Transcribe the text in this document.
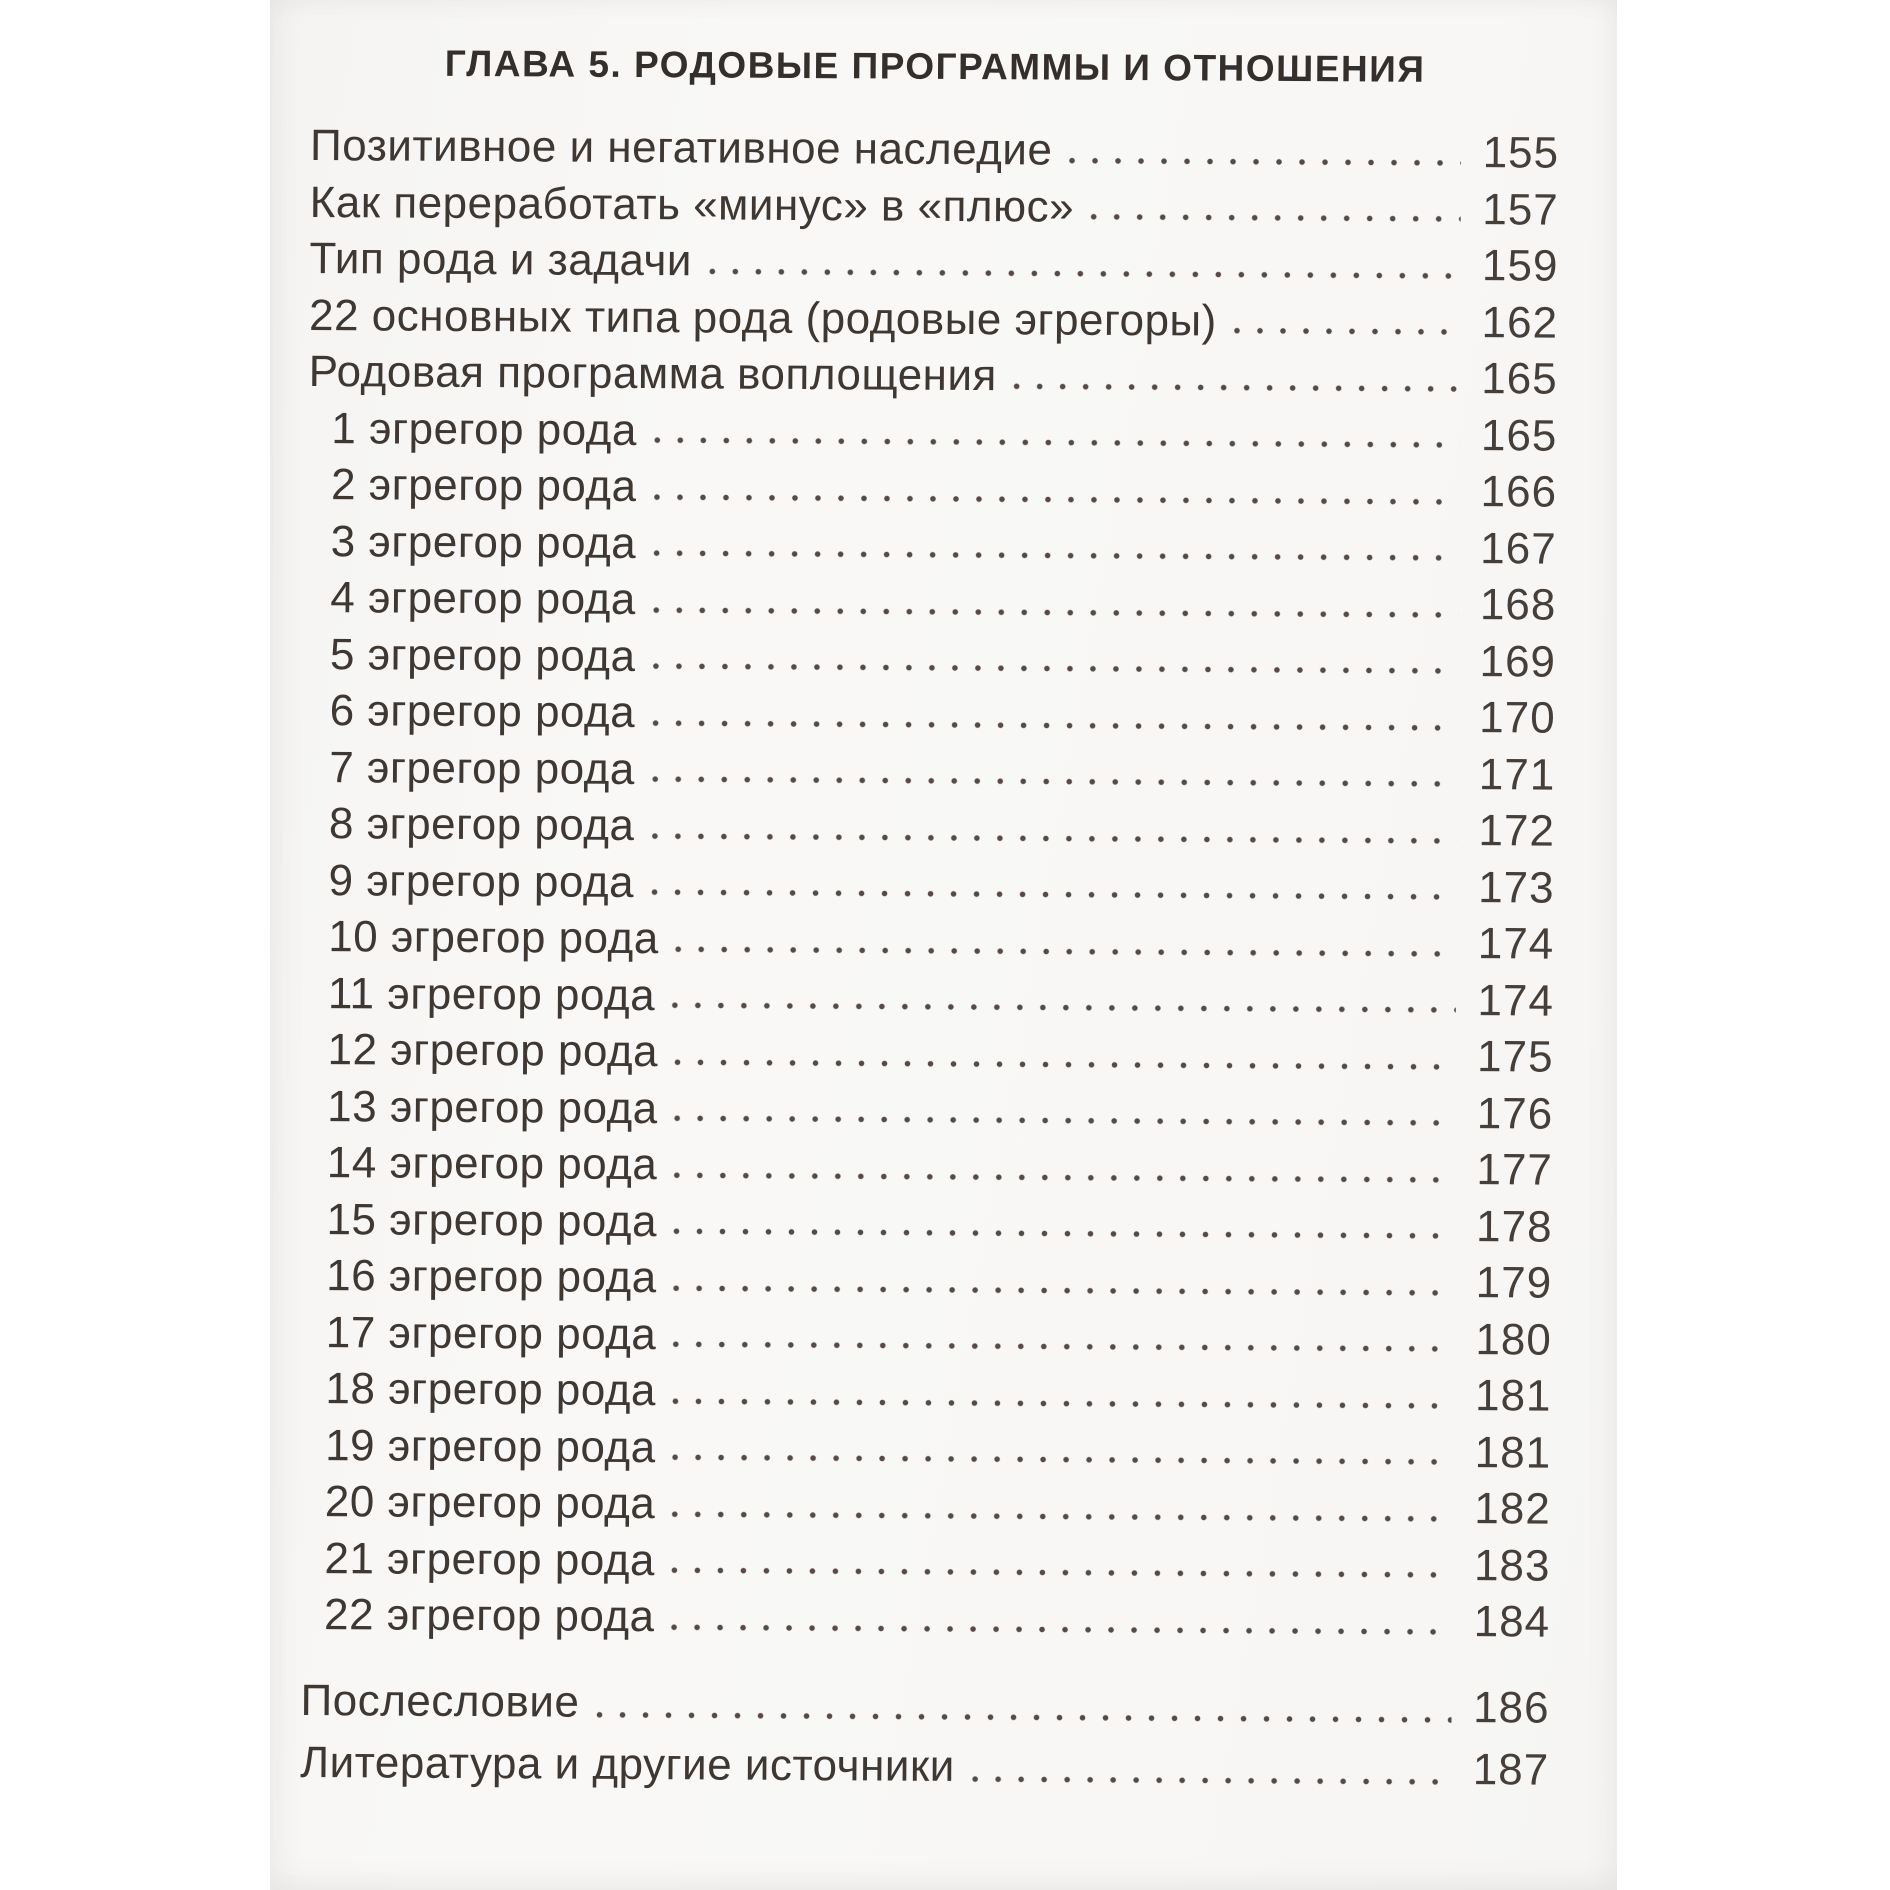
ГЛАВА 5. РОДОВЫЕ ПРОГРАММЫ И ОТНОШЕНИЯ
Позитивное и негативное наследие	155
Как переработать «минус» в «плюс»	157
Тип рода и задачи	159
22 основных типа рода (родовые эгрегоры)	162
Родовая программа воплощения	165
1 эгрегор рода	165
2 эгрегор рода	166
3 эгрегор рода	167
4 эгрегор рода	168
5 эгрегор рода	169
6 эгрегор рода	170
7 эгрегор рода	171
8 эгрегор рода	172
9 эгрегор рода	173
10 эгрегор рода	174
11 эгрегор рода	174
12 эгрегор рода	175
13 эгрегор рода	176
14 эгрегор рода	177
15 эгрегор рода	178
16 эгрегор рода	179
17 эгрегор рода	180
18 эгрегор рода	181
19 эгрегор рода	181
20 эгрегор рода	182
21 эгрегор рода	183
22 эгрегор рода	184
Послесловие	186
Литература и другие источники	187
